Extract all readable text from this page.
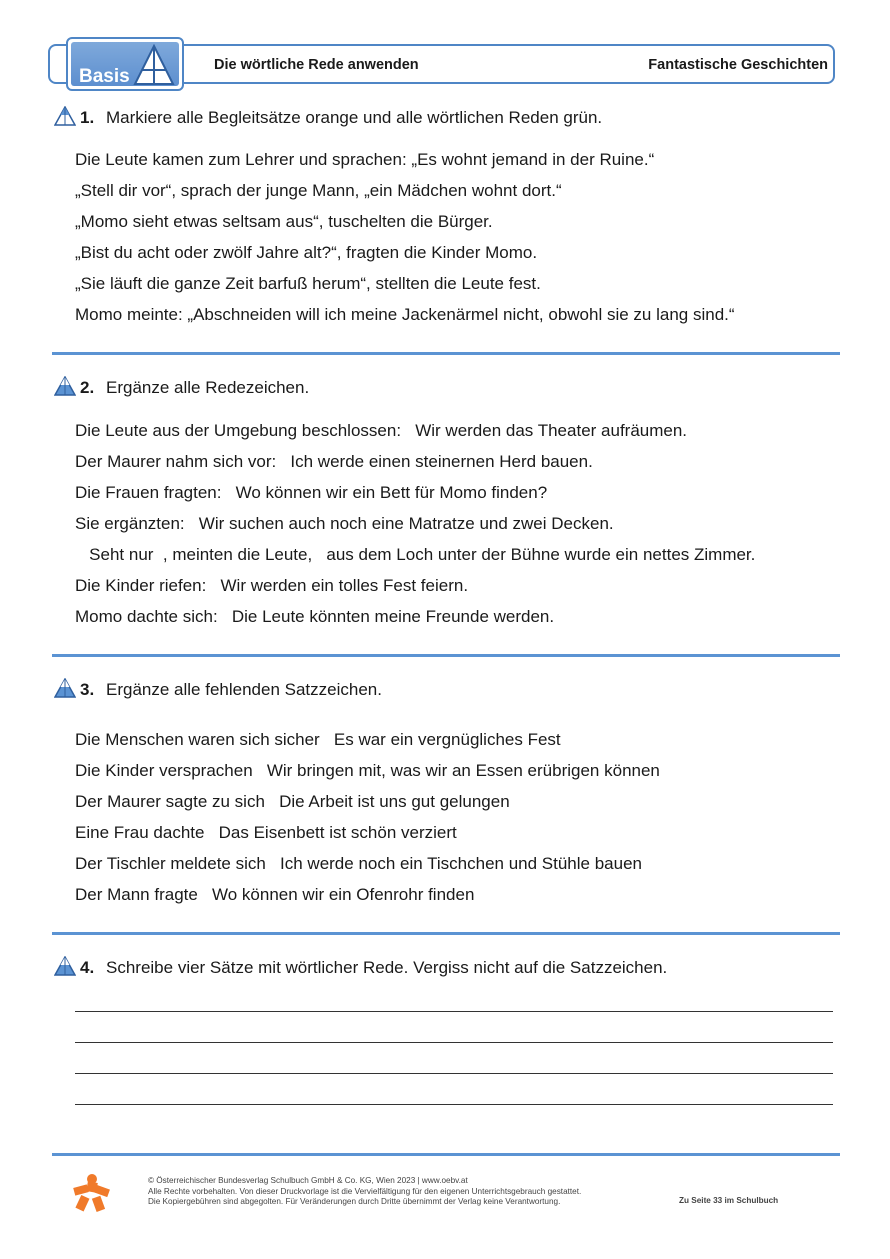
Basis
Die wörtliche Rede anwenden	Fantastische Geschichten
1. Markiere alle Begleitsätze orange und alle wörtlichen Reden grün.
Die Leute kamen zum Lehrer und sprachen: „Es wohnt jemand in der Ruine.“
„Stell dir vor“, sprach der junge Mann, „ein Mädchen wohnt dort.“
„Momo sieht etwas seltsam aus“, tuschelten die Bürger.
„Bist du acht oder zwölf Jahre alt?“, fragten die Kinder Momo.
„Sie läuft die ganze Zeit barfuß herum“, stellten die Leute fest.
Momo meinte: „Abschneiden will ich meine Jackenärmel nicht, obwohl sie zu lang sind.“
2. Ergänze alle Redezeichen.
Die Leute aus der Umgebung beschlossen:   Wir werden das Theater aufräumen.
Der Maurer nahm sich vor:   Ich werde einen steinernen Herd bauen.
Die Frauen fragten:   Wo können wir ein Bett für Momo finden?
Sie ergänzten:   Wir suchen auch noch eine Matratze und zwei Decken.
Seht nur  , meinten die Leute,   aus dem Loch unter der Bühne wurde ein nettes Zimmer.
Die Kinder riefen:   Wir werden ein tolles Fest feiern.
Momo dachte sich:   Die Leute könnten meine Freunde werden.
3. Ergänze alle fehlenden Satzzeichen.
Die Menschen waren sich sicher   Es war ein vergnügliches Fest
Die Kinder versprachen   Wir bringen mit, was wir an Essen erübrigen können
Der Maurer sagte zu sich   Die Arbeit ist uns gut gelungen
Eine Frau dachte   Das Eisenbett ist schön verziert
Der Tischler meldete sich   Ich werde noch ein Tischchen und Stühle bauen
Der Mann fragte   Wo können wir ein Ofenrohr finden
4. Schreibe vier Sätze mit wörtlicher Rede. Vergiss nicht auf die Satzzeichen.
© Österreichischer Bundesverlag Schulbuch GmbH & Co. KG, Wien 2023 | www.oebv.at
Alle Rechte vorbehalten. Von dieser Druckvorlage ist die Vervielfältigung für den eigenen Unterrichtsgebrauch gestattet.
Die Kopiergebühren sind abgegolten. Für Veränderungen durch Dritte übernimmt der Verlag keine Verantwortung.	Zu Seite 33 im Schulbuch
